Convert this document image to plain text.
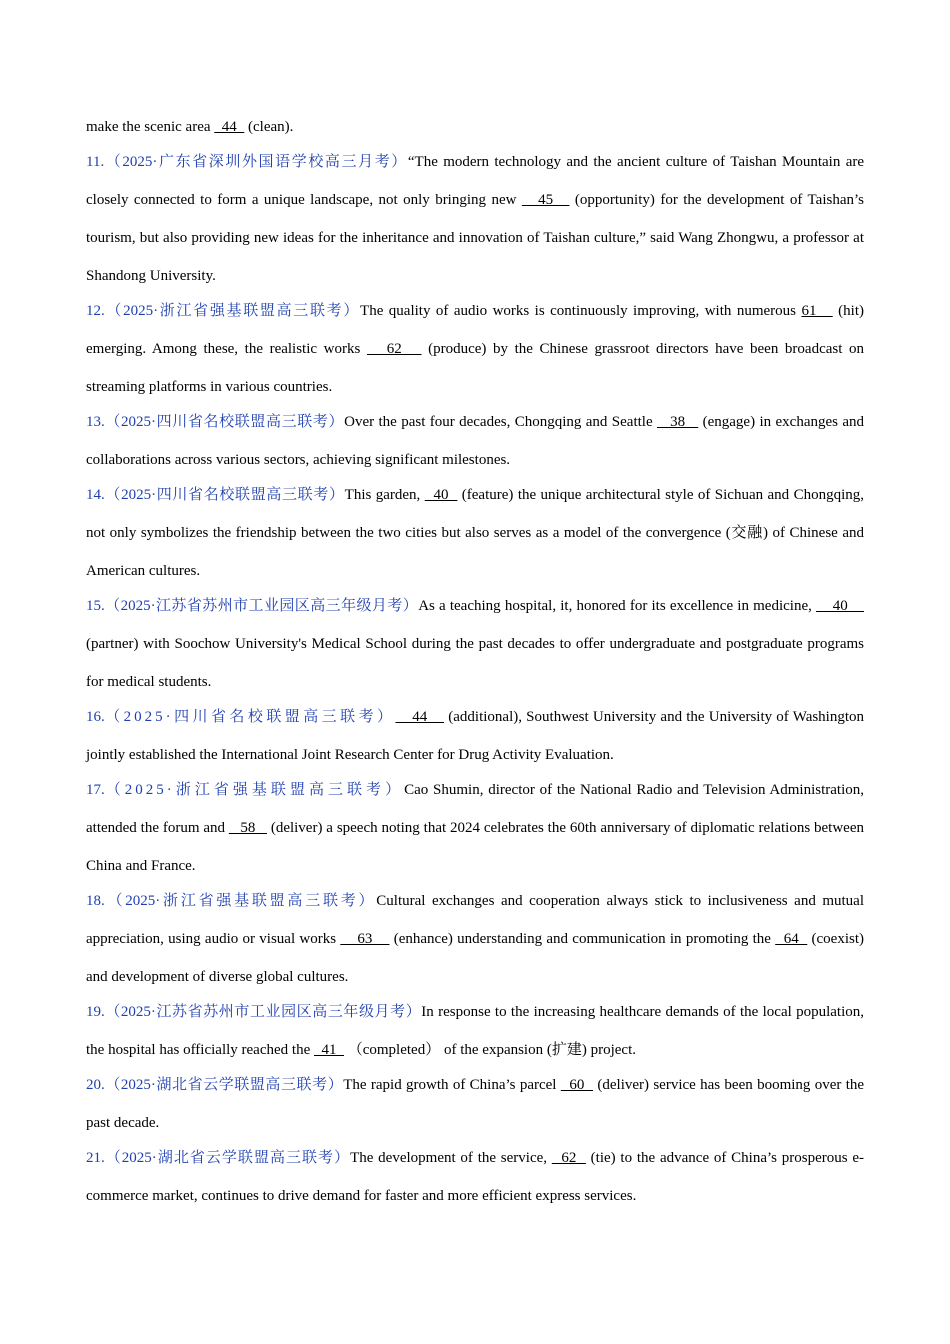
make the scenic area   44   (clean).

11.（2025·广东省深圳外国语学校高三月考）“The modern technology and the ancient culture of Taishan Mountain are closely connected to form a unique landscape, not only bringing new    45    (opportunity) for the development of Taishan’s tourism, but also providing new ideas for the inheritance and innovation of Taishan culture,” said Wang Zhongwu, a professor at Shandong University.

12.（2025·浙江省强基联盟高三联考）The quality of audio works is continuously improving, with numerous 61    (hit) emerging. Among these, the realistic works    62    (produce) by the Chinese grassroot directors have been broadcast on streaming platforms in various countries.

13.（2025·四川省名校联盟高三联考）Over the past four decades, Chongqing and Seattle    38    (engage) in exchanges and collaborations across various sectors, achieving significant milestones.

14.（2025·四川省名校联盟高三联考）This garden,   40   (feature) the unique architectural style of Sichuan and Chongqing, not only symbolizes the friendship between the two cities but also serves as a model of the convergence (交融) of Chinese and American cultures.

15.（2025·江苏省苏州市工业园区高三年级月考）As a teaching hospital, it, honored for its excellence in medicine,     40     (partner) with Soochow University's Medical School during the past decades to offer undergraduate and postgraduate programs for medical students.

16.（2025·四川省名校联盟高三联考）    44     (additional), Southwest University and the University of Washington jointly established the International Joint Research Center for Drug Activity Evaluation.

17.（2025·浙江省强基联盟高三联考）Cao Shumin, director of the National Radio and Television Administration, attended the forum and    58    (deliver) a speech noting that 2024 celebrates the 60th anniversary of diplomatic relations between China and France.

18.（2025·浙江省强基联盟高三联考）Cultural exchanges and cooperation always stick to inclusiveness and mutual appreciation, using audio or visual works     63     (enhance) understanding and communication in promoting the   64   (coexist) and development of diverse global cultures.

19.（2025·江苏省苏州市工业园区高三年级月考）In response to the increasing healthcare demands of the local population, the hospital has officially reached the   41   （completed） of the expansion (扩建) project.

20.（2025·湖北省云学联盟高三联考）The rapid growth of China’s parcel   60   (deliver) service has been booming over the past decade.

21.（2025·湖北省云学联盟高三联考）The development of the service,   62   (tie) to the advance of China’s prosperous e-commerce market, continues to drive demand for faster and more efficient express services.
